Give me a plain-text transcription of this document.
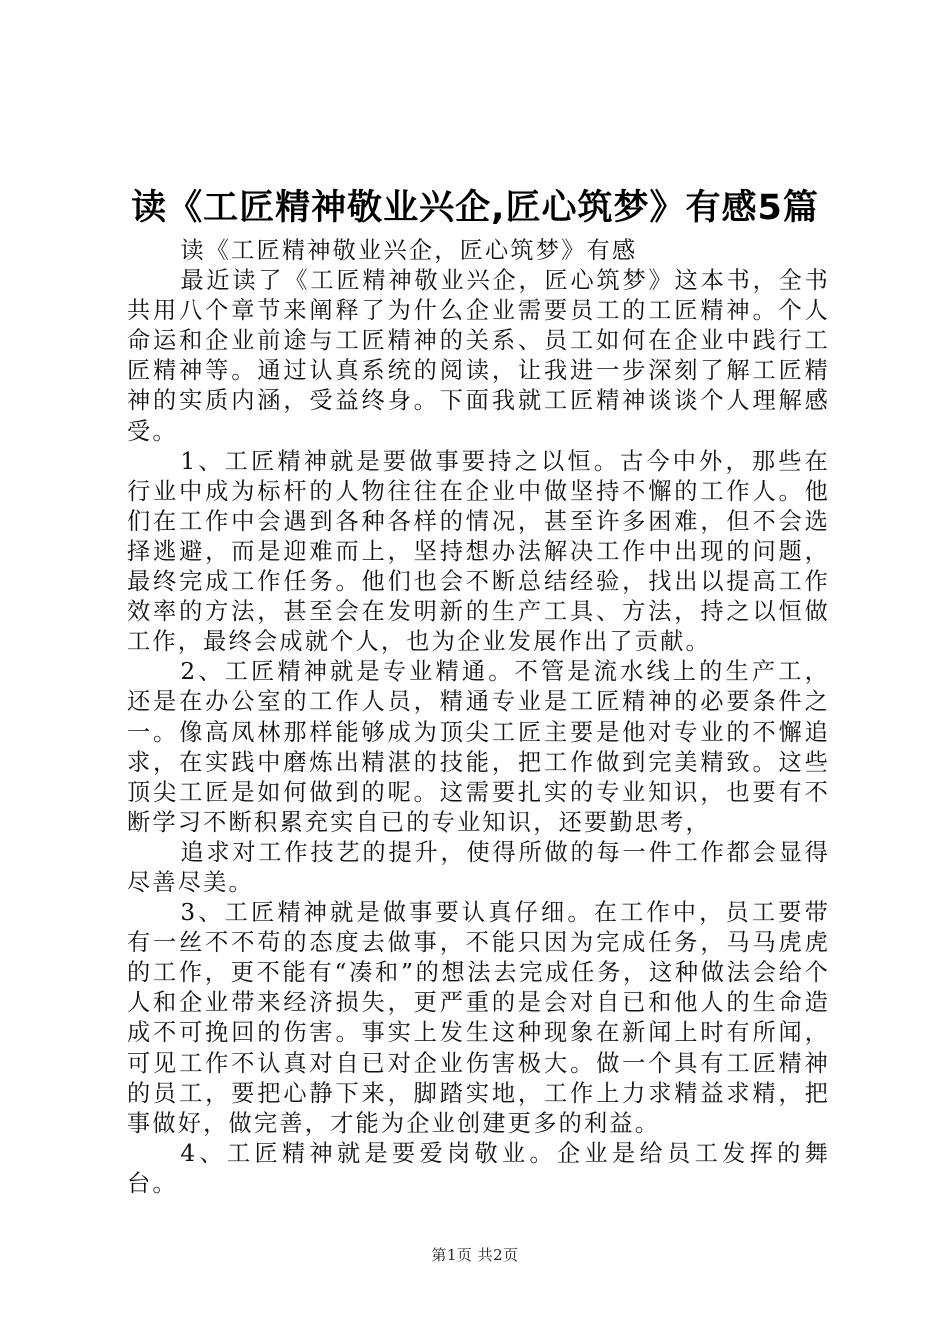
读《工匠精神敬业兴企,匠心筑梦》有感5篇

读《工匠精神敬业兴企，匠心筑梦》有感

最近读了《工匠精神敬业兴企，匠心筑梦》这本书，全书共用八个章节来阐释了为什么企业需要员工的工匠精神。个人命运和企业前途与工匠精神的关系、员工如何在企业中践行工匠精神等。通过认真系统的阅读，让我进一步深刻了解工匠精神的实质内涵，受益终身。下面我就工匠精神谈谈个人理解感受。

1、工匠精神就是要做事要持之以恒。古今中外，那些在行业中成为标杆的人物往往在企业中做坚持不懈的工作人。他们在工作中会遇到各种各样的情况，甚至许多困难，但不会选择逃避，而是迎难而上，坚持想办法解决工作中出现的问题，最终完成工作任务。他们也会不断总结经验，找出以提高工作效率的方法，甚至会在发明新的生产工具、方法，持之以恒做工作，最终会成就个人，也为企业发展作出了贡献。

2、工匠精神就是专业精通。不管是流水线上的生产工，还是在办公室的工作人员，精通专业是工匠精神的必要条件之一。像高凤林那样能够成为顶尖工匠主要是他对专业的不懈追求，在实践中磨炼出精湛的技能，把工作做到完美精致。这些顶尖工匠是如何做到的呢。这需要扎实的专业知识，也要有不断学习不断积累充实自已的专业知识，还要勤思考，

追求对工作技艺的提升，使得所做的每一件工作都会显得尽善尽美。

3、工匠精神就是做事要认真仔细。在工作中，员工要带有一丝不不苟的态度去做事，不能只因为完成任务，马马虎虎的工作，更不能有“凑和”的想法去完成任务，这种做法会给个人和企业带来经济损失，更严重的是会对自已和他人的生命造成不可挽回的伤害。事实上发生这种现象在新闻上时有所闻，可见工作不认真对自已对企业伤害极大。做一个具有工匠精神的员工，要把心静下来，脚踏实地，工作上力求精益求精，把事做好，做完善，才能为企业创建更多的利益。

4、工匠精神就是要爱岗敬业。企业是给员工发挥的舞台。

第1页 共2页
